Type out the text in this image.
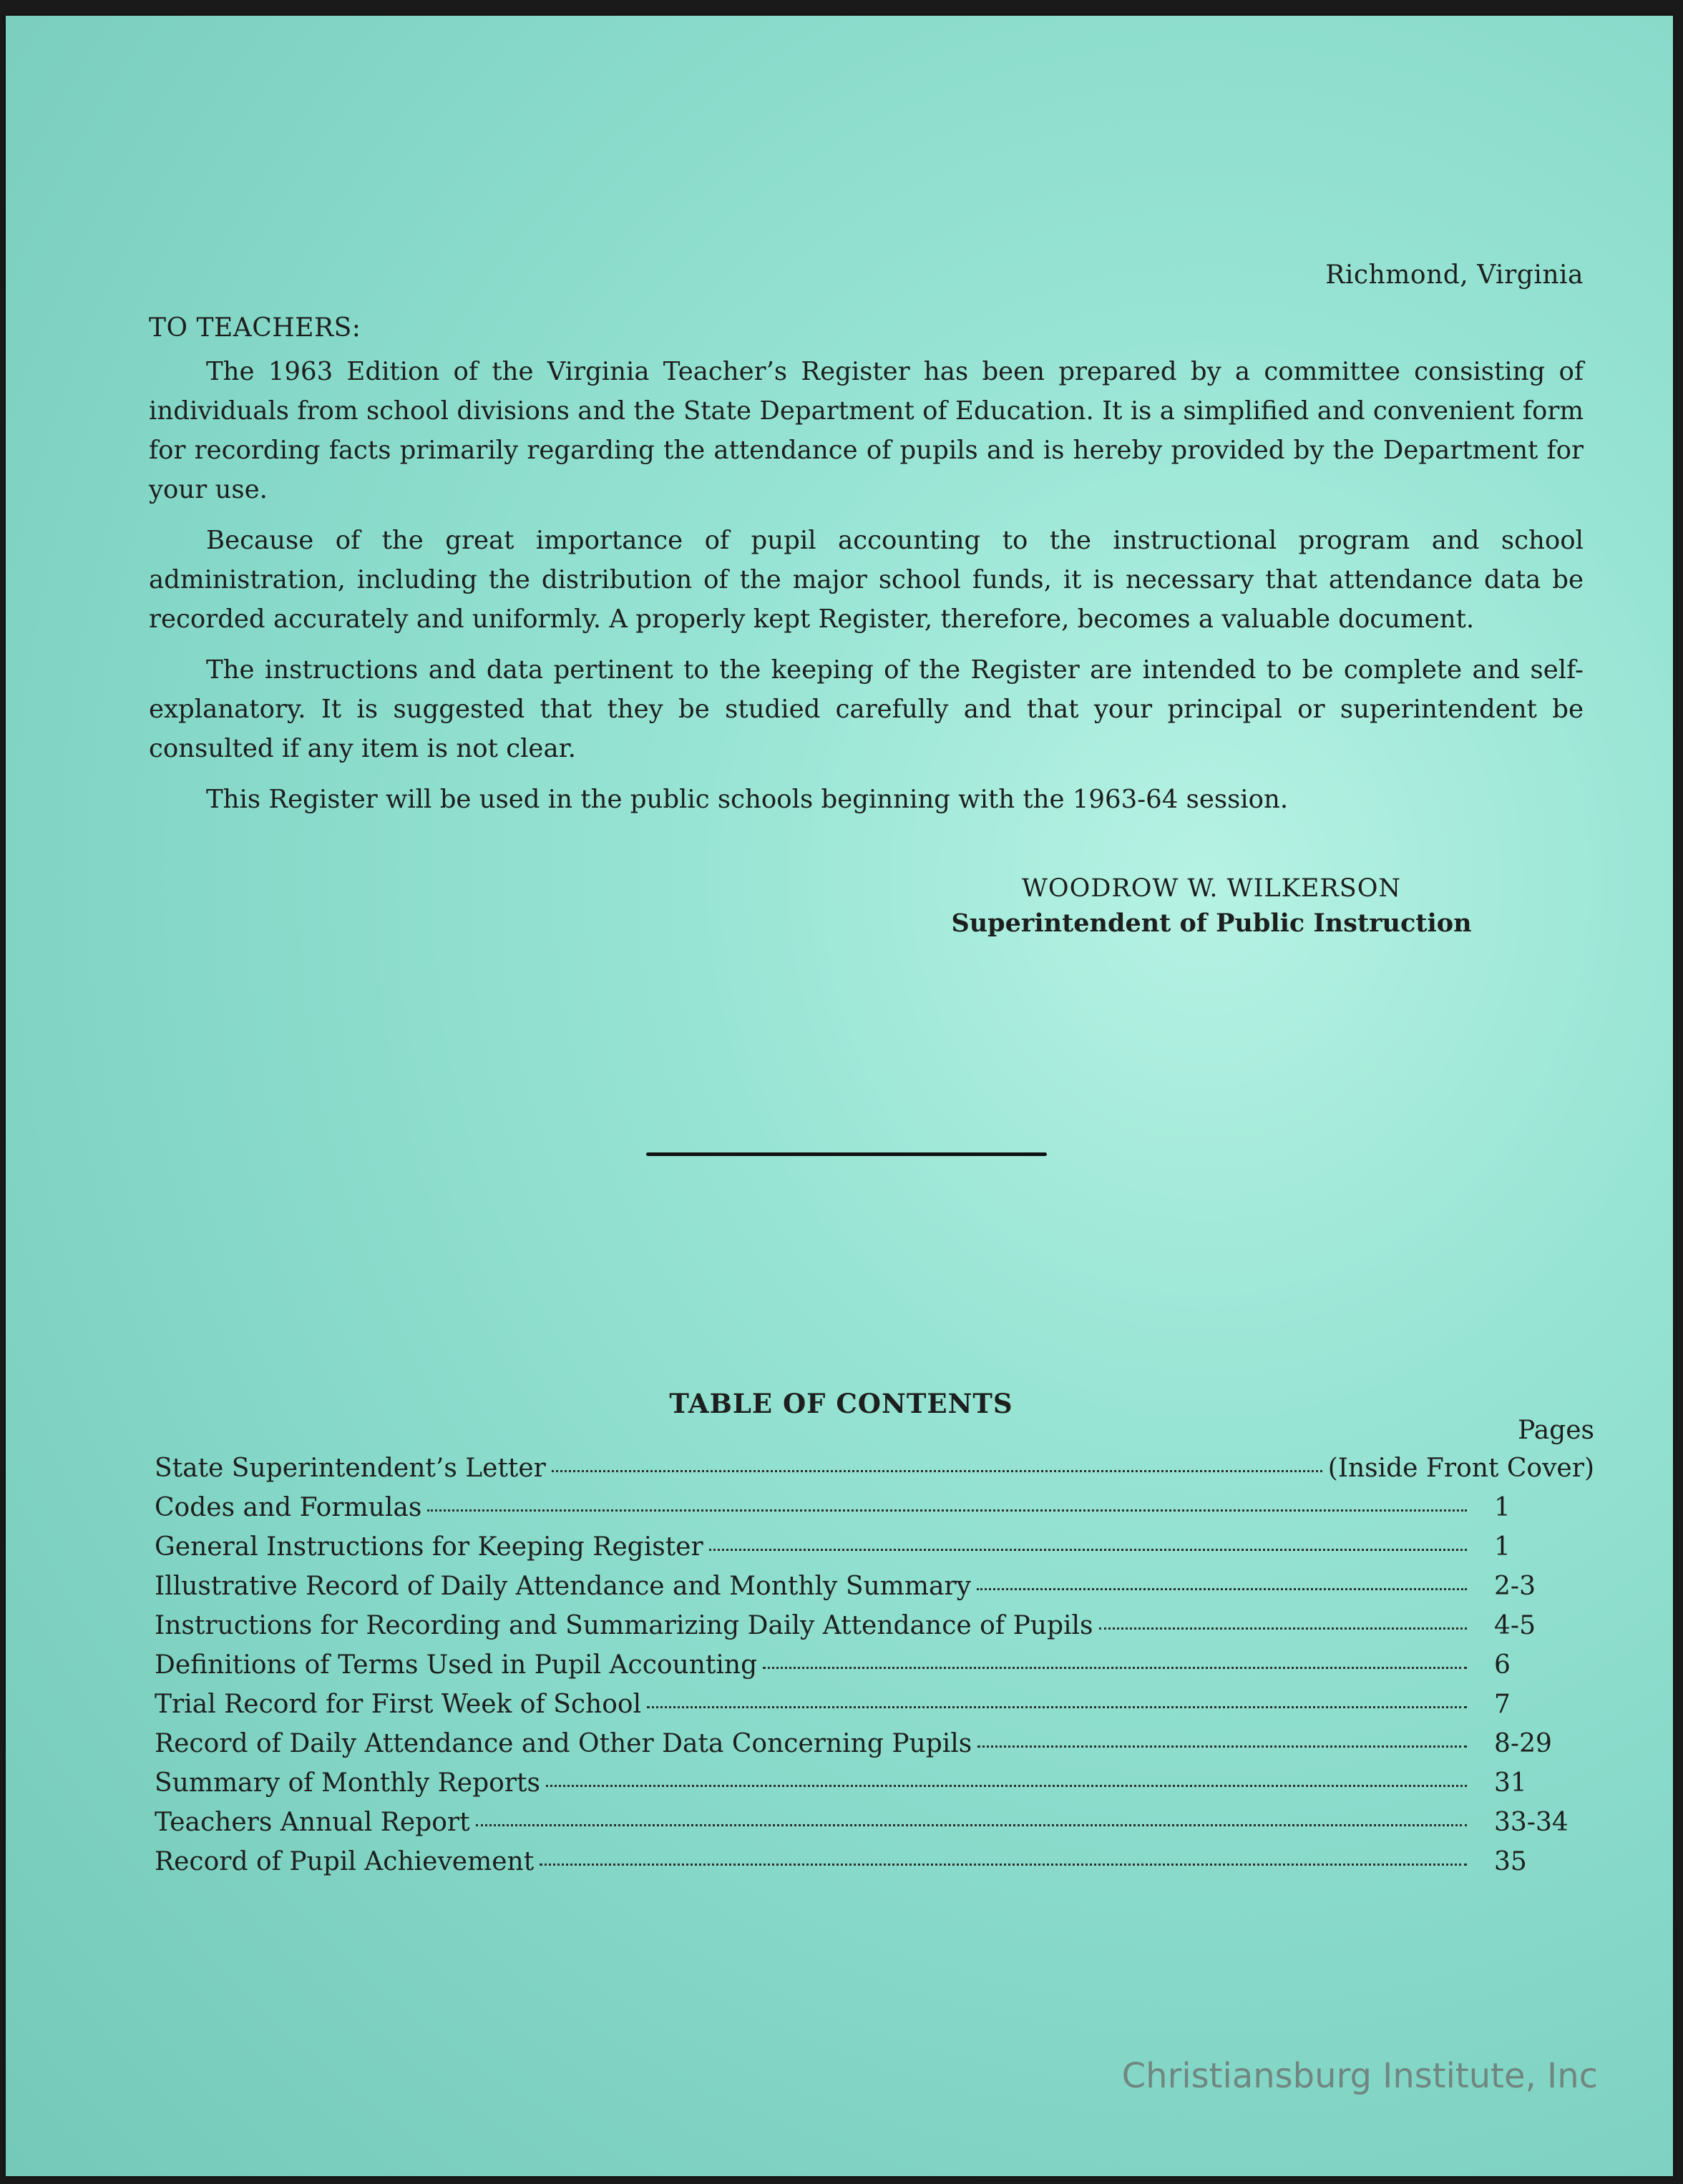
Richmond, Virginia
TO TEACHERS:

The 1963 Edition of the Virginia Teacher’s Register has been prepared by a committee consisting of individuals from school divisions and the State Department of Education. It is a simplified and convenient form for recording facts primarily regarding the attendance of pupils and is hereby provided by the Department for your use.

Because of the great importance of pupil accounting to the instructional program and school administration, including the distribution of the major school funds, it is necessary that attendance data be recorded accurately and uniformly. A properly kept Register, therefore, becomes a valuable document.

The instructions and data pertinent to the keeping of the Register are intended to be complete and self-explanatory. It is suggested that they be studied carefully and that your principal or superintendent be consulted if any item is not clear.

This Register will be used in the public schools beginning with the 1963-64 session.

WOODROW W. WILKERSON
Superintendent of Public Instruction
TABLE OF CONTENTS
Pages
State Superintendent’s Letter	(Inside Front Cover)
Codes and Formulas	1
General Instructions for Keeping Register	1
Illustrative Record of Daily Attendance and Monthly Summary	2-3
Instructions for Recording and Summarizing Daily Attendance of Pupils	4-5
Definitions of Terms Used in Pupil Accounting	6
Trial Record for First Week of School	7
Record of Daily Attendance and Other Data Concerning Pupils	8-29
Summary of Monthly Reports	31
Teachers Annual Report	33-34
Record of Pupil Achievement	35
Christiansburg Institute, Inc
